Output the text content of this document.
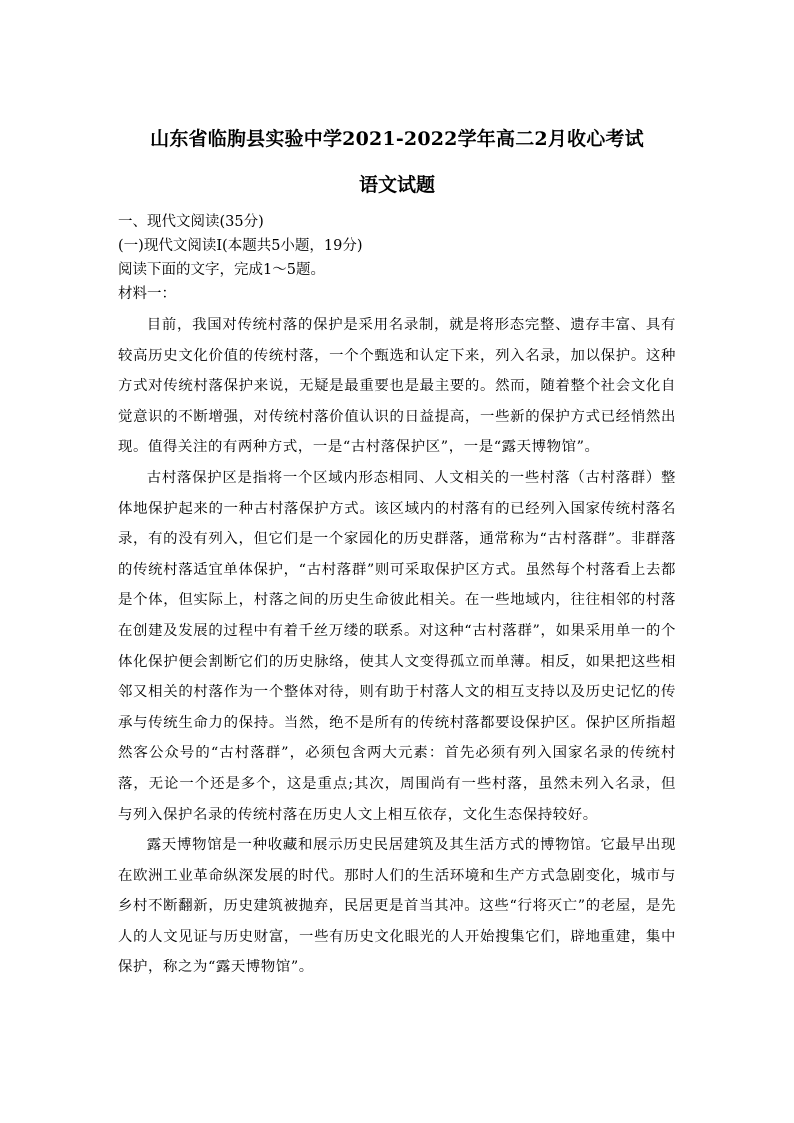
山东省临朐县实验中学2021-2022学年高二2月收心考试
语文试题

一、现代文阅读(35分)

(一)现代文阅读Ⅰ(本题共5小题，19分)

阅读下面的文字，完成1～5题。

材料一：

目前，我国对传统村落的保护是采用名录制，就是将形态完整、遗存丰富、具有较高历史文化价值的传统村落，一个个甄选和认定下来，列入名录，加以保护。这种方式对传统村落保护来说，无疑是最重要也是最主要的。然而，随着整个社会文化自觉意识的不断增强，对传统村落价值认识的日益提高，一些新的保护方式已经悄然出现。值得关注的有两种方式，一是“古村落保护区”，一是“露天博物馆”。

古村落保护区是指将一个区域内形态相同、人文相关的一些村落（古村落群）整体地保护起来的一种古村落保护方式。该区域内的村落有的已经列入国家传统村落名录，有的没有列入，但它们是一个家园化的历史群落，通常称为“古村落群”。非群落的传统村落适宜单体保护，“古村落群”则可采取保护区方式。虽然每个村落看上去都是个体，但实际上，村落之间的历史生命彼此相关。在一些地域内，往往相邻的村落在创建及发展的过程中有着千丝万缕的联系。对这种“古村落群”，如果采用单一的个体化保护便会割断它们的历史脉络，使其人文变得孤立而单薄。相反，如果把这些相邻又相关的村落作为一个整体对待，则有助于村落人文的相互支持以及历史记忆的传承与传统生命力的保持。当然，绝不是所有的传统村落都要设保护区。保护区所指超然客公众号的“古村落群”，必须包含两大元素：首先必须有列入国家名录的传统村落，无论一个还是多个，这是重点;其次，周围尚有一些村落，虽然未列入名录，但与列入保护名录的传统村落在历史人文上相互依存，文化生态保持较好。

露天博物馆是一种收藏和展示历史民居建筑及其生活方式的博物馆。它最早出现在欧洲工业革命纵深发展的时代。那时人们的生活环境和生产方式急剧变化，城市与乡村不断翻新，历史建筑被抛弃，民居更是首当其冲。这些“行将灭亡”的老屋，是先人的人文见证与历史财富，一些有历史文化眼光的人开始搜集它们，辟地重建，集中保护，称之为“露天博物馆”。
